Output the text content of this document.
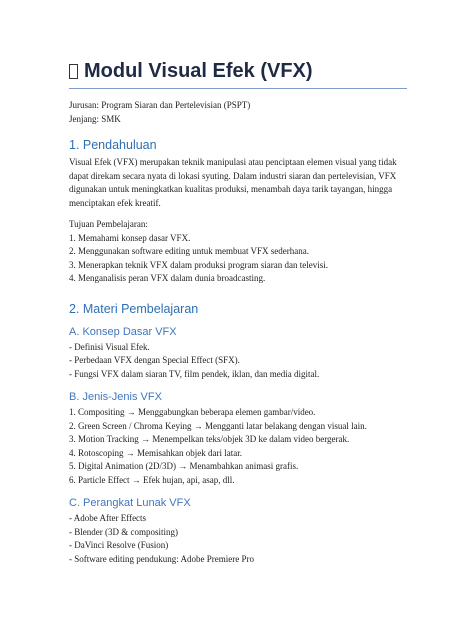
Modul Visual Efek (VFX)
Jurusan: Program Siaran dan Pertelevisian (PSPT)
Jenjang: SMK
1. Pendahuluan

Visual Efek (VFX) merupakan teknik manipulasi atau penciptaan elemen visual yang tidak dapat direkam secara nyata di lokasi syuting. Dalam industri siaran dan pertelevisian, VFX digunakan untuk meningkatkan kualitas produksi, menambah daya tarik tayangan, hingga menciptakan efek kreatif.

Tujuan Pembelajaran:

1. Memahami konsep dasar VFX.
2. Menggunakan software editing untuk membuat VFX sederhana.
3. Menerapkan teknik VFX dalam produksi program siaran dan televisi.
4. Menganalisis peran VFX dalam dunia broadcasting.
2. Materi Pembelajaran
A. Konsep Dasar VFX
- Definisi Visual Efek.
- Perbedaan VFX dengan Special Effect (SFX).
- Fungsi VFX dalam siaran TV, film pendek, iklan, dan media digital.
B. Jenis-Jenis VFX
1. Compositing → Menggabungkan beberapa elemen gambar/video.
2. Green Screen / Chroma Keying → Mengganti latar belakang dengan visual lain.
3. Motion Tracking → Menempelkan teks/objek 3D ke dalam video bergerak.
4. Rotoscoping → Memisahkan objek dari latar.
5. Digital Animation (2D/3D) → Menambahkan animasi grafis.
6. Particle Effect → Efek hujan, api, asap, dll.
C. Perangkat Lunak VFX
- Adobe After Effects
- Blender (3D & compositing)
- DaVinci Resolve (Fusion)
- Software editing pendukung: Adobe Premiere Pro
